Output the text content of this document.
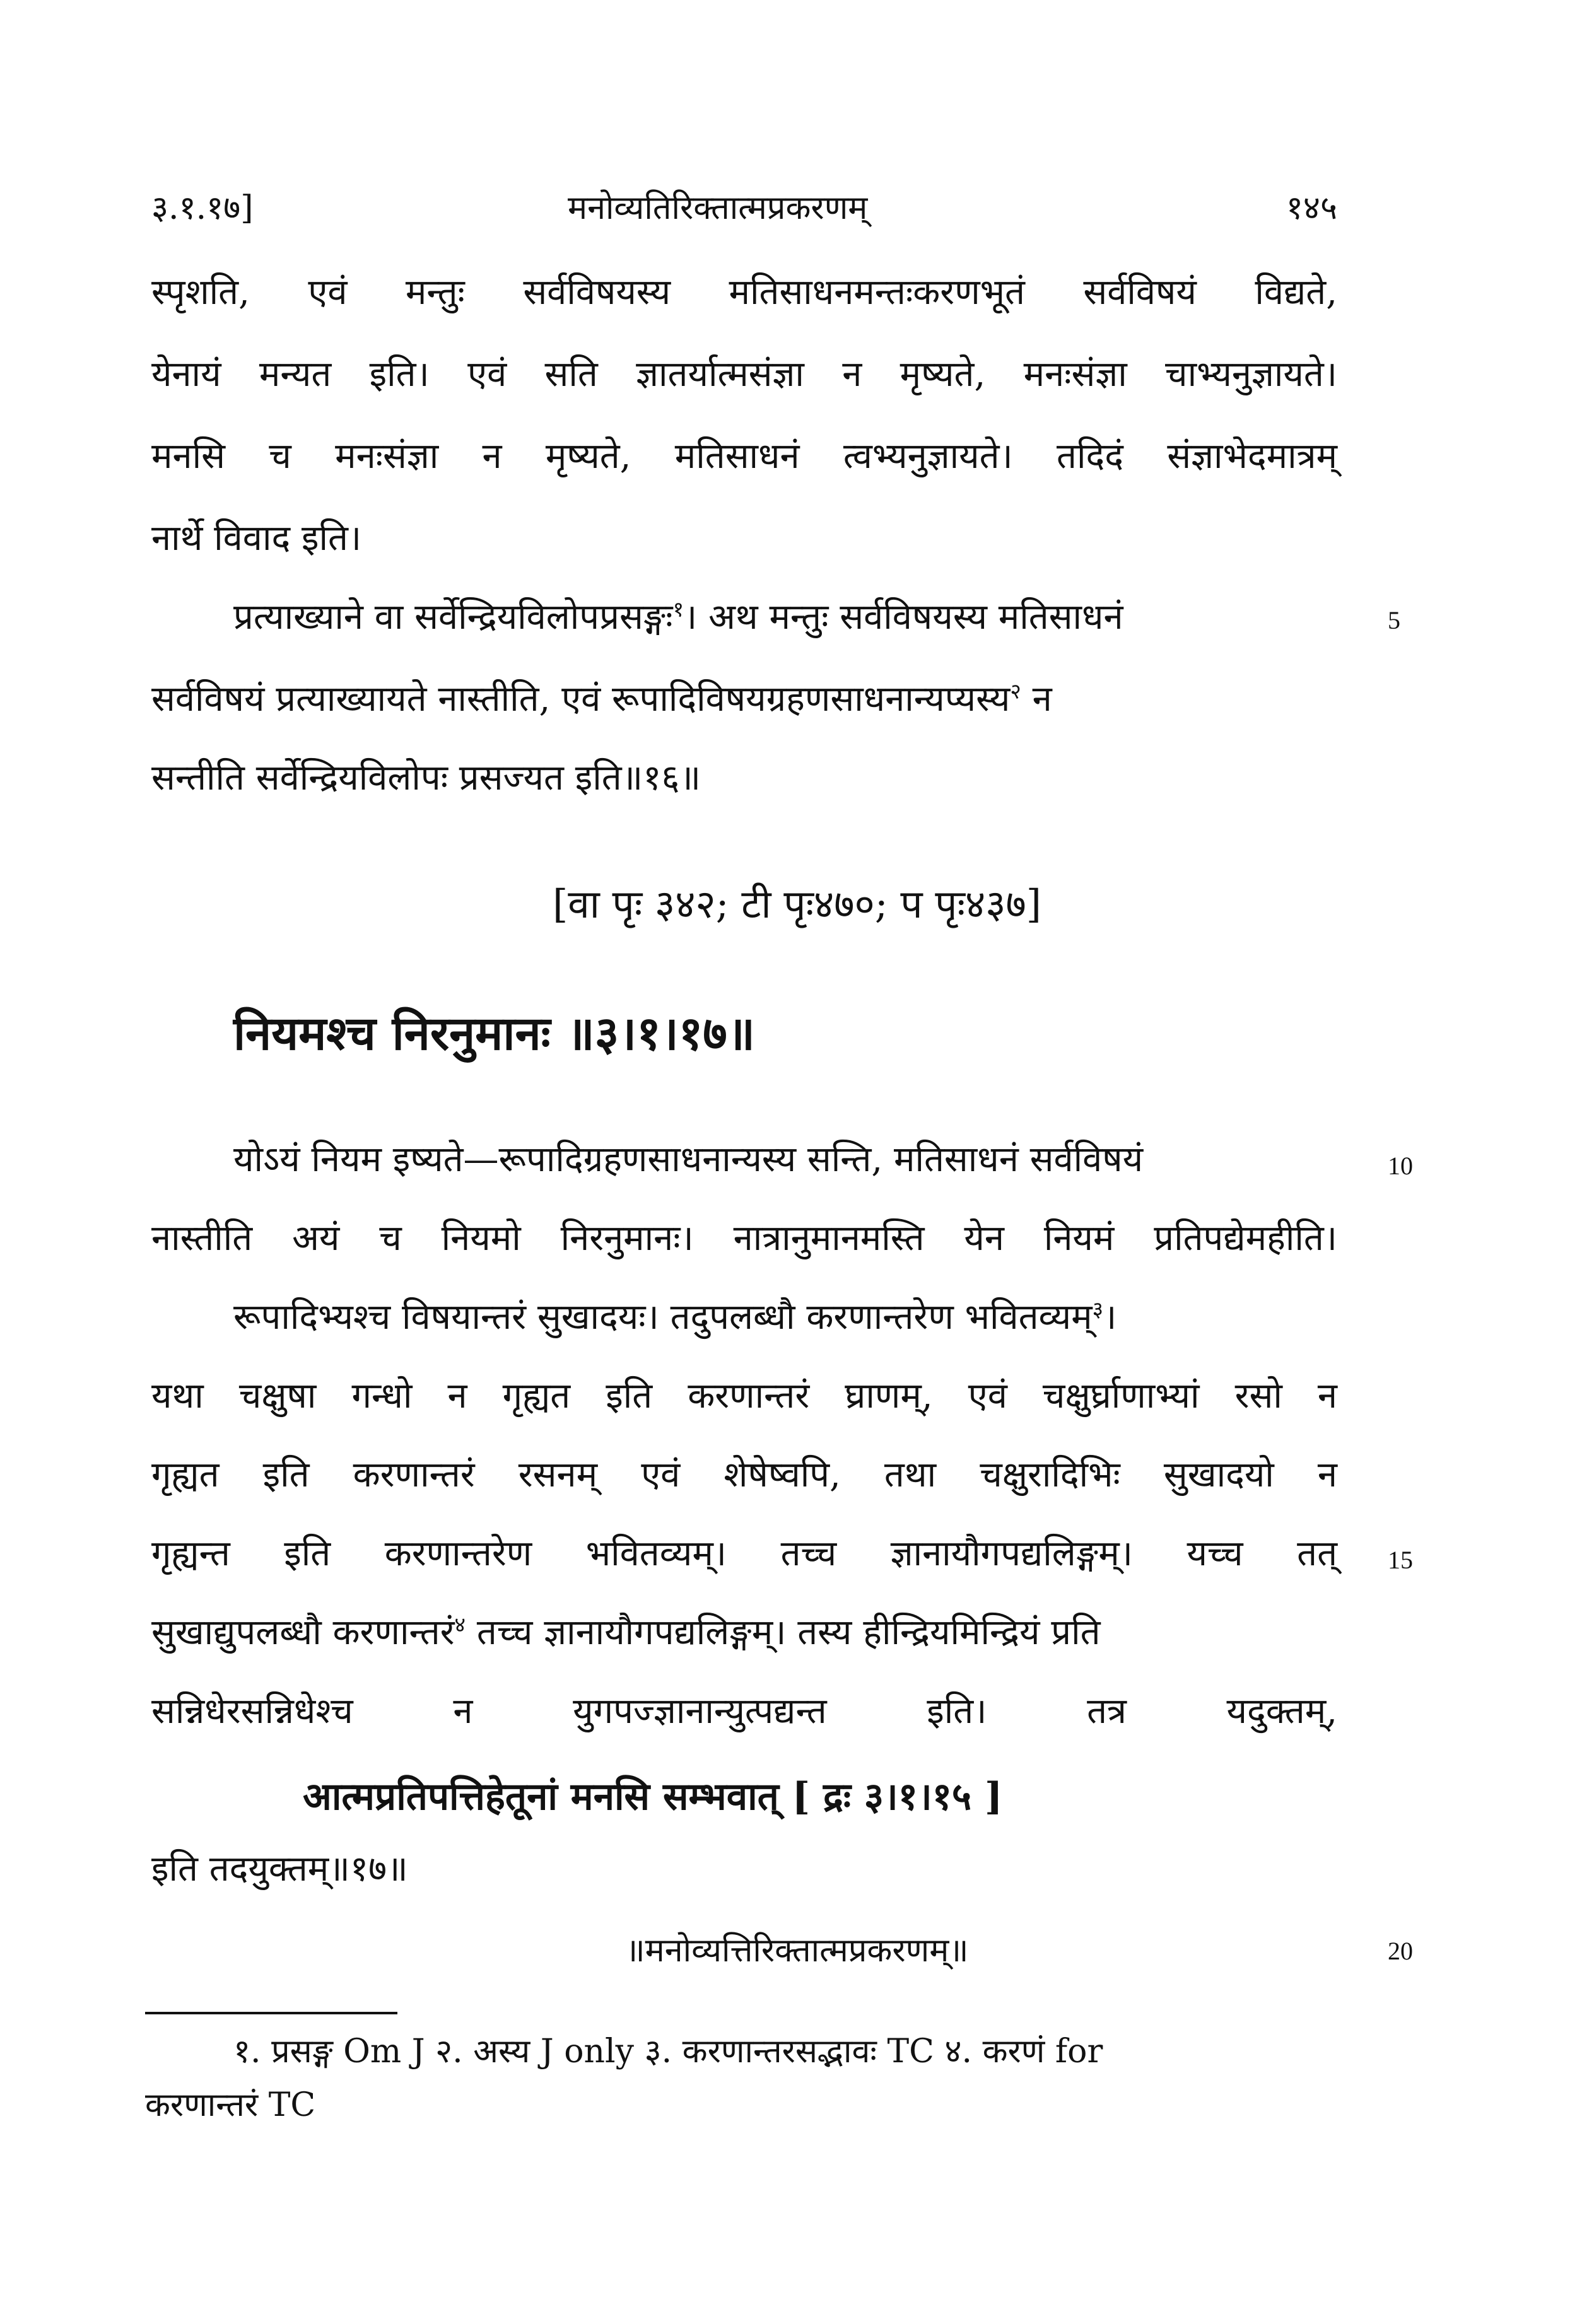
३.१.१७]	मनोव्यतिरिक्तात्मप्रकरणम्	१४५
स्पृशति, एवं मन्तुः सर्वविषयस्य मतिसाधनमन्तःकरणभूतं सर्वविषयं विद्यते,
येनायं मन्यत इति। एवं सति ज्ञातर्यात्मसंज्ञा न मृष्यते, मनःसंज्ञा चाभ्यनुज्ञायते।
मनसि च मनःसंज्ञा न मृष्यते, मतिसाधनं त्वभ्यनुज्ञायते। तदिदं संज्ञाभेदमात्रम्
नार्थे विवाद इति।
प्रत्याख्याने वा सर्वेन्द्रियविलोपप्रसङ्गः$^१$। अथ मन्तुः सर्वविषयस्य मतिसाधनं	5
सर्वविषयं प्रत्याख्यायते नास्तीति, एवं रूपादिविषयग्रहणसाधनान्यप्यस्य$^२$ न
सन्तीति सर्वेन्द्रियविलोपः प्रसज्यत इति॥१६॥
[वा पृः ३४२; टी पृः४७०; प पृः४३७]
नियमश्च निरनुमानः ॥३।१।१७॥
योऽयं नियम इष्यते—रूपादिग्रहणसाधनान्यस्य सन्ति, मतिसाधनं सर्वविषयं	10
नास्तीति अयं च नियमो निरनुमानः। नात्रानुमानमस्ति येन नियमं प्रतिपद्येमहीति।
रूपादिभ्यश्च विषयान्तरं सुखादयः। तदुपलब्धौ करणान्तरेण भवितव्यम्$^३$।
यथा चक्षुषा गन्धो न गृह्यत इति करणान्तरं घ्राणम्, एवं चक्षुर्घ्राणाभ्यां रसो न
गृह्यत इति करणान्तरं रसनम् एवं शेषेष्वपि, तथा चक्षुरादिभिः सुखादयो न
गृह्यन्त इति करणान्तरेण भवितव्यम्। तच्च ज्ञानायौगपद्यलिङ्गम्। यच्च तत् 15
सुखाद्युपलब्धौ करणान्तरं$^४$ तच्च ज्ञानायौगपद्यलिङ्गम्। तस्य हीन्द्रियमिन्द्रियं प्रति
सन्निधेरसन्निधेश्च न युगपज्ज्ञानान्युत्पद्यन्त इति। तत्र यदुक्तम्,
आत्मप्रतिपत्तिहेतूनां मनसि सम्भवात् [ द्रः ३।१।१५ ]
इति तदयुक्तम्॥१७॥
॥मनोव्यत्तिरिक्तात्मप्रकरणम्॥	20
१. प्रसङ्ग Om J २. अस्य J only ३. करणान्तरसद्भावः TC ४. करणं for
करणान्तरं TC
